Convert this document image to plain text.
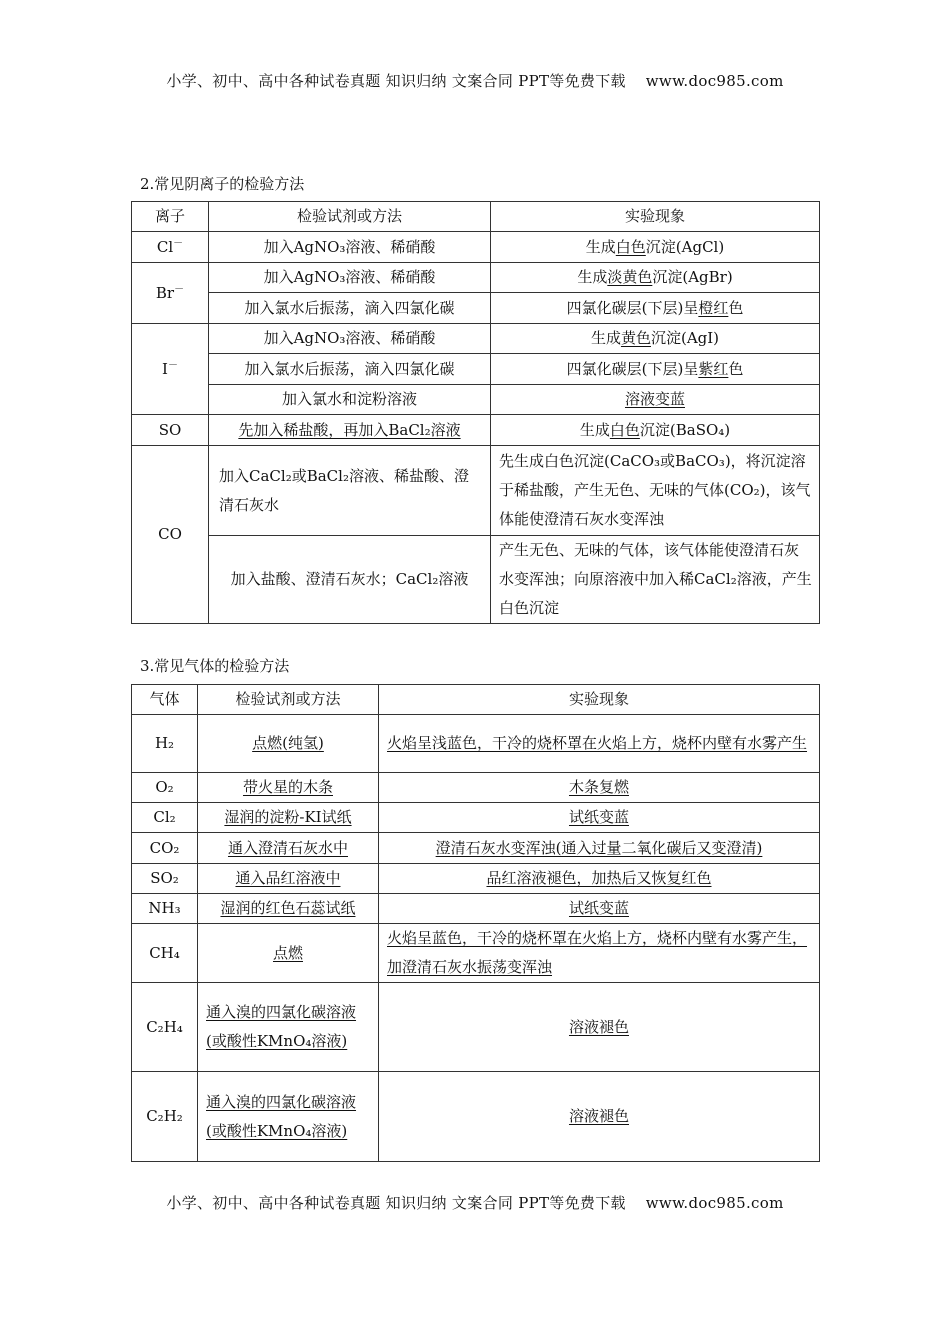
小学、初中、高中各种试卷真题 知识归纳 文案合同 PPT等免费下载 www.doc985.com
2.常见阴离子的检验方法
离子	检验试剂或方法	实验现象
Cl－	加入AgNO₃溶液、稀硝酸	生成白色沉淀(AgCl)
Br－	加入AgNO₃溶液、稀硝酸	生成淡黄色沉淀(AgBr)
	加入氯水后振荡，滴入四氯化碳	四氯化碳层(下层)呈橙红色
I－	加入AgNO₃溶液、稀硝酸	生成黄色沉淀(AgI)
	加入氯水后振荡，滴入四氯化碳	四氯化碳层(下层)呈紫红色
	加入氯水和淀粉溶液	溶液变蓝
SO	先加入稀盐酸，再加入BaCl₂溶液	生成白色沉淀(BaSO₄)
CO	加入CaCl₂或BaCl₂溶液、稀盐酸、澄清石灰水	先生成白色沉淀(CaCO₃或BaCO₃)，将沉淀溶于稀盐酸，产生无色、无味的气体(CO₂)，该气体能使澄清石灰水变浑浊
	加入盐酸、澄清石灰水；CaCl₂溶液	产生无色、无味的气体，该气体能使澄清石灰水变浑浊；向原溶液中加入稀CaCl₂溶液，产生白色沉淀
3.常见气体的检验方法
气体	检验试剂或方法	实验现象
H₂	点燃(纯氢)	火焰呈浅蓝色，干冷的烧杯罩在火焰上方，烧杯内壁有水雾产生
O₂	带火星的木条	木条复燃
Cl₂	湿润的淀粉-KI试纸	试纸变蓝
CO₂	通入澄清石灰水中	澄清石灰水变浑浊(通入过量二氧化碳后又变澄清)
SO₂	通入品红溶液中	品红溶液褪色，加热后又恢复红色
NH₃	湿润的红色石蕊试纸	试纸变蓝
CH₄	点燃	火焰呈蓝色，干冷的烧杯罩在火焰上方，烧杯内壁有水雾产生，加澄清石灰水振荡变浑浊
C₂H₄	通入溴的四氯化碳溶液(或酸性KMnO₄溶液)	溶液褪色
C₂H₂	通入溴的四氯化碳溶液(或酸性KMnO₄溶液)	溶液褪色
小学、初中、高中各种试卷真题 知识归纳 文案合同 PPT等免费下载 www.doc985.com
